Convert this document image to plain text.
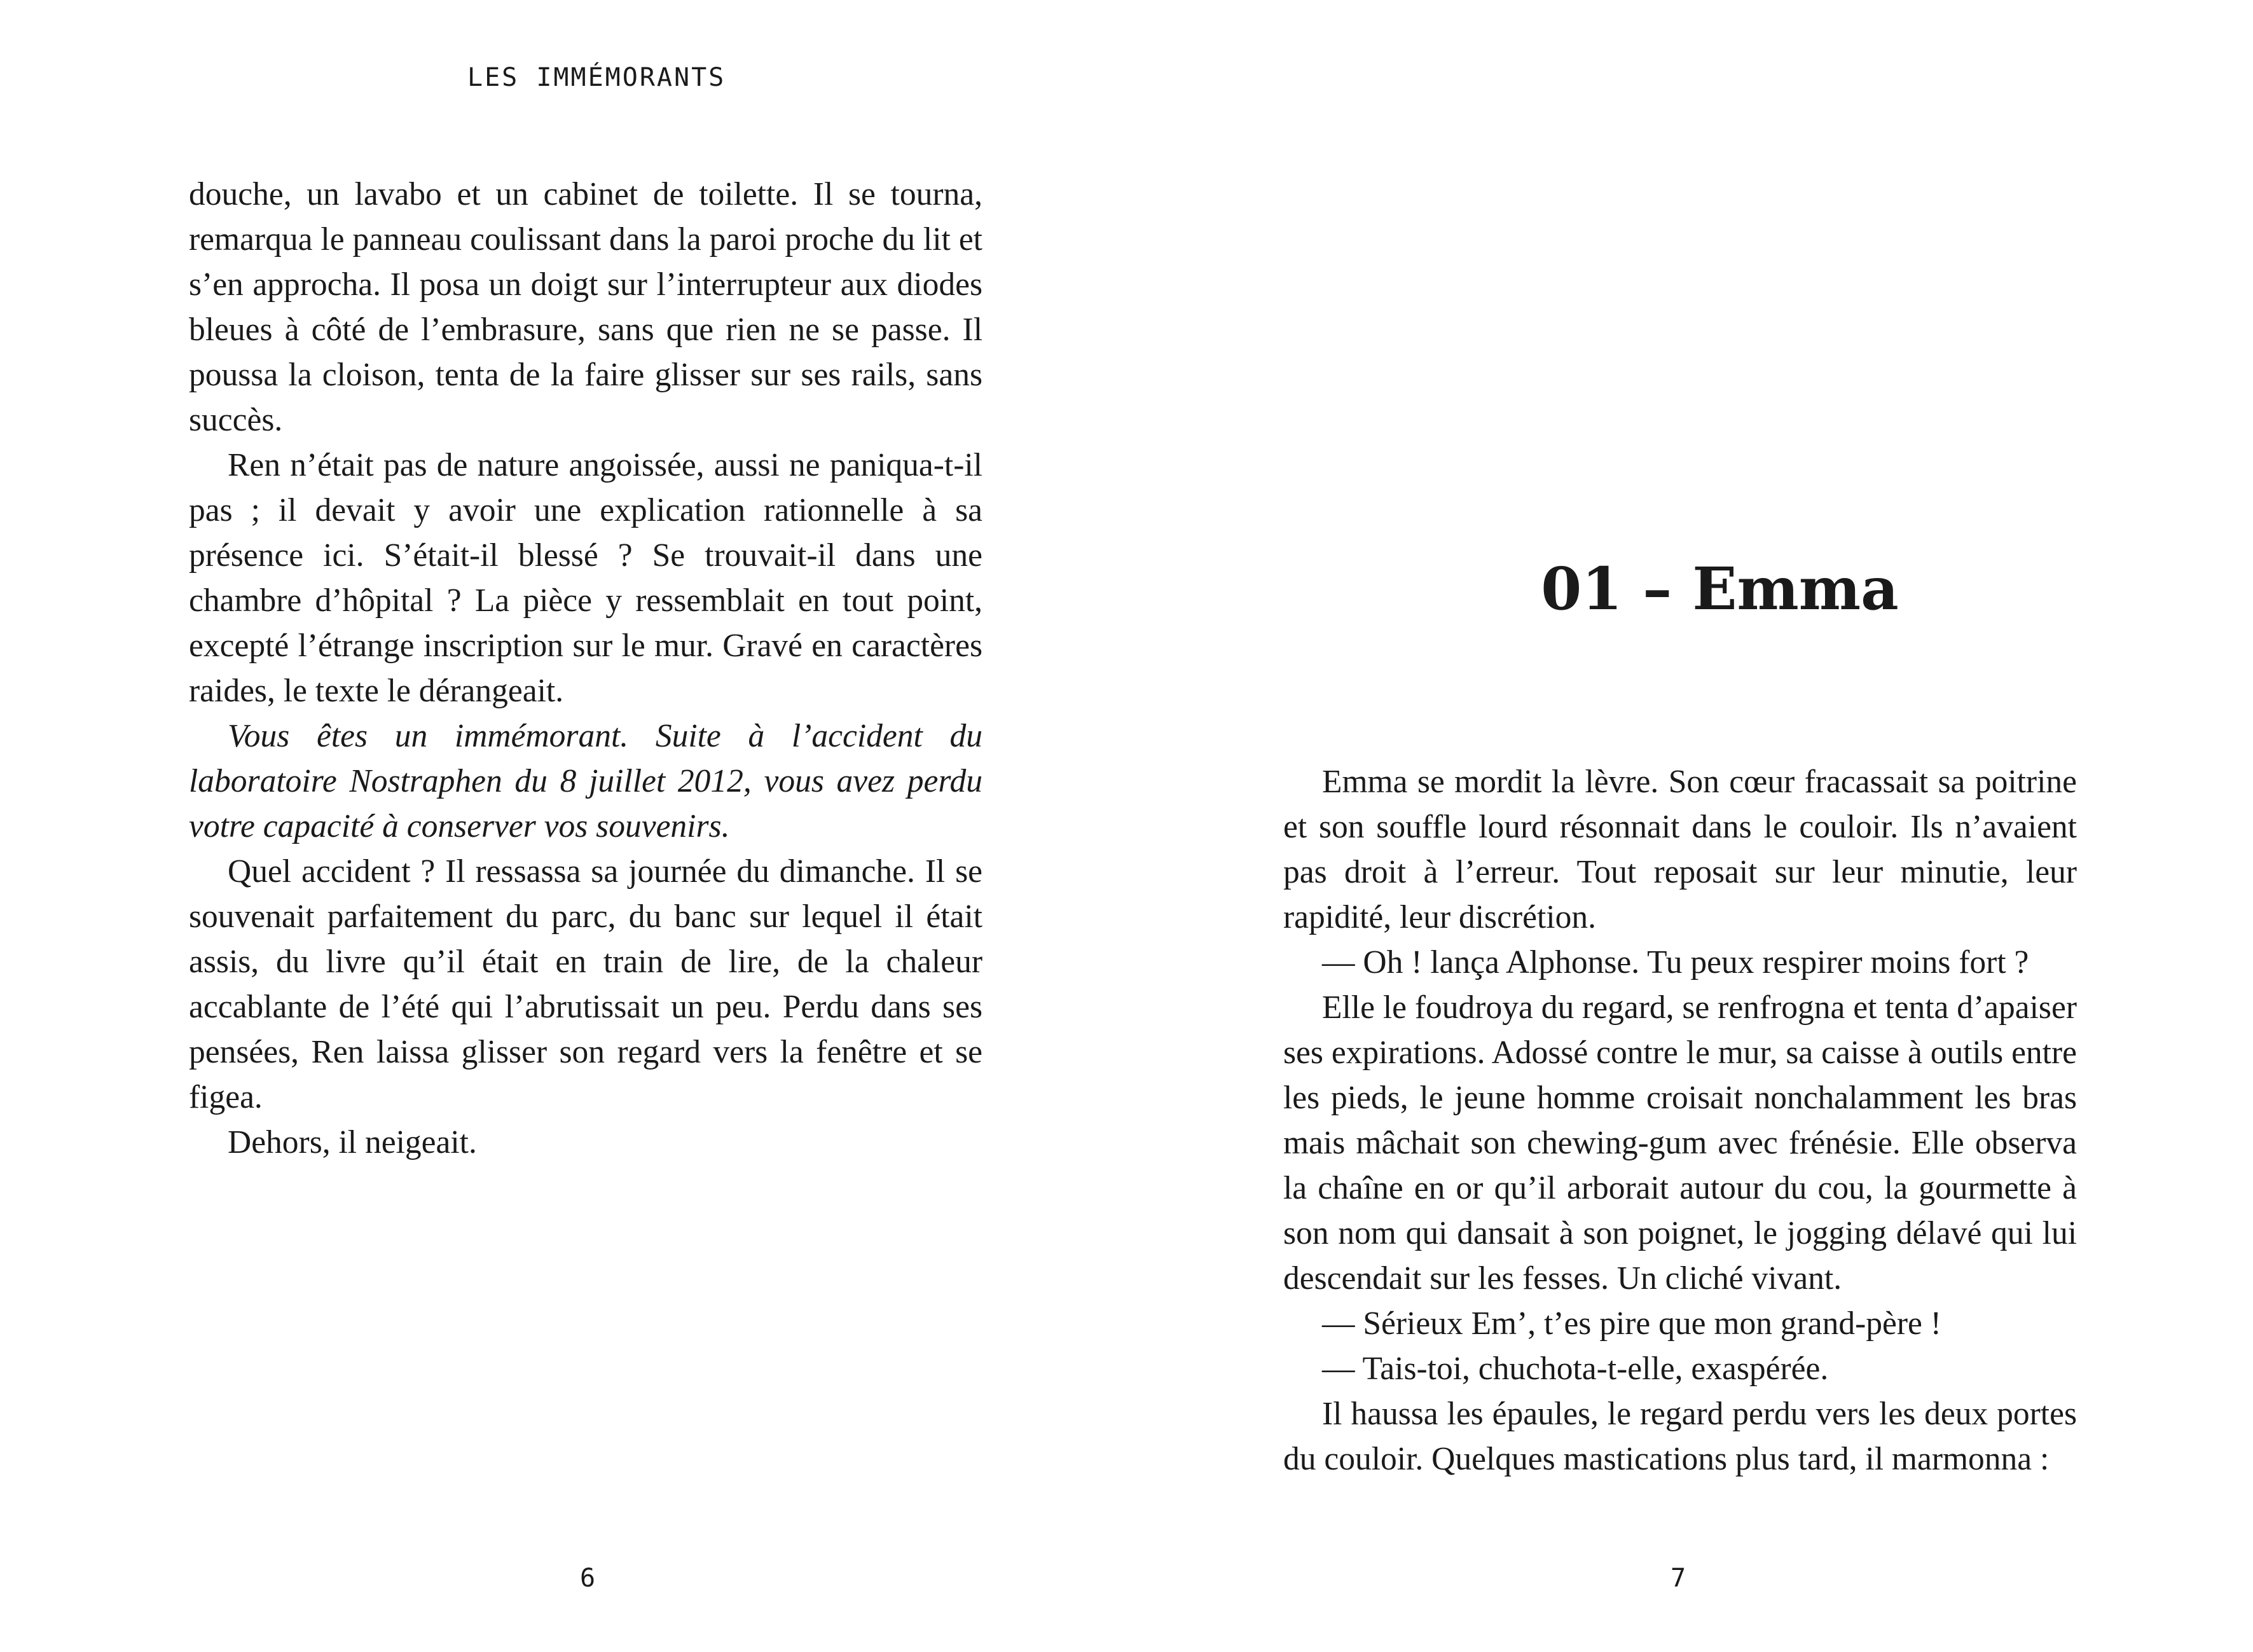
LES IMMÉMORANTS

douche, un lavabo et un cabinet de toilette. Il se tourna, remarqua le panneau coulissant dans la paroi proche du lit et s’en approcha. Il posa un doigt sur l’interrupteur aux diodes bleues à côté de l’embrasure, sans que rien ne se passe. Il poussa la cloison, tenta de la faire glisser sur ses rails, sans succès.

Ren n’était pas de nature angoissée, aussi ne paniqua-t-il pas ; il devait y avoir une explication rationnelle à sa présence ici. S’était-il blessé ? Se trouvait-il dans une chambre d’hôpital ? La pièce y ressemblait en tout point, excepté l’étrange inscription sur le mur. Gravé en caractères raides, le texte le dérangeait.

Vous êtes un immémorant. Suite à l’accident du laboratoire Nostraphen du 8 juillet 2012, vous avez perdu votre capacité à conserver vos souvenirs.

Quel accident ? Il ressassa sa journée du dimanche. Il se souvenait parfaitement du parc, du banc sur lequel il était assis, du livre qu’il était en train de lire, de la chaleur accablante de l’été qui l’abrutissait un peu. Perdu dans ses pensées, Ren laissa glisser son regard vers la fenêtre et se figea.

Dehors, il neigeait.

6
01 – Emma

Emma se mordit la lèvre. Son cœur fracassait sa poitrine et son souffle lourd résonnait dans le couloir. Ils n’avaient pas droit à l’erreur. Tout reposait sur leur minutie, leur rapidité, leur discrétion.

— Oh ! lança Alphonse. Tu peux respirer moins fort ?

Elle le foudroya du regard, se renfrogna et tenta d’apaiser ses expirations. Adossé contre le mur, sa caisse à outils entre les pieds, le jeune homme croisait nonchalamment les bras mais mâchait son chewing-gum avec frénésie. Elle observa la chaîne en or qu’il arborait autour du cou, la gourmette à son nom qui dansait à son poignet, le jogging délavé qui lui descendait sur les fesses. Un cliché vivant.

— Sérieux Em’, t’es pire que mon grand-père !

— Tais-toi, chuchota-t-elle, exaspérée.

Il haussa les épaules, le regard perdu vers les deux portes du couloir. Quelques mastications plus tard, il marmonna :

7
